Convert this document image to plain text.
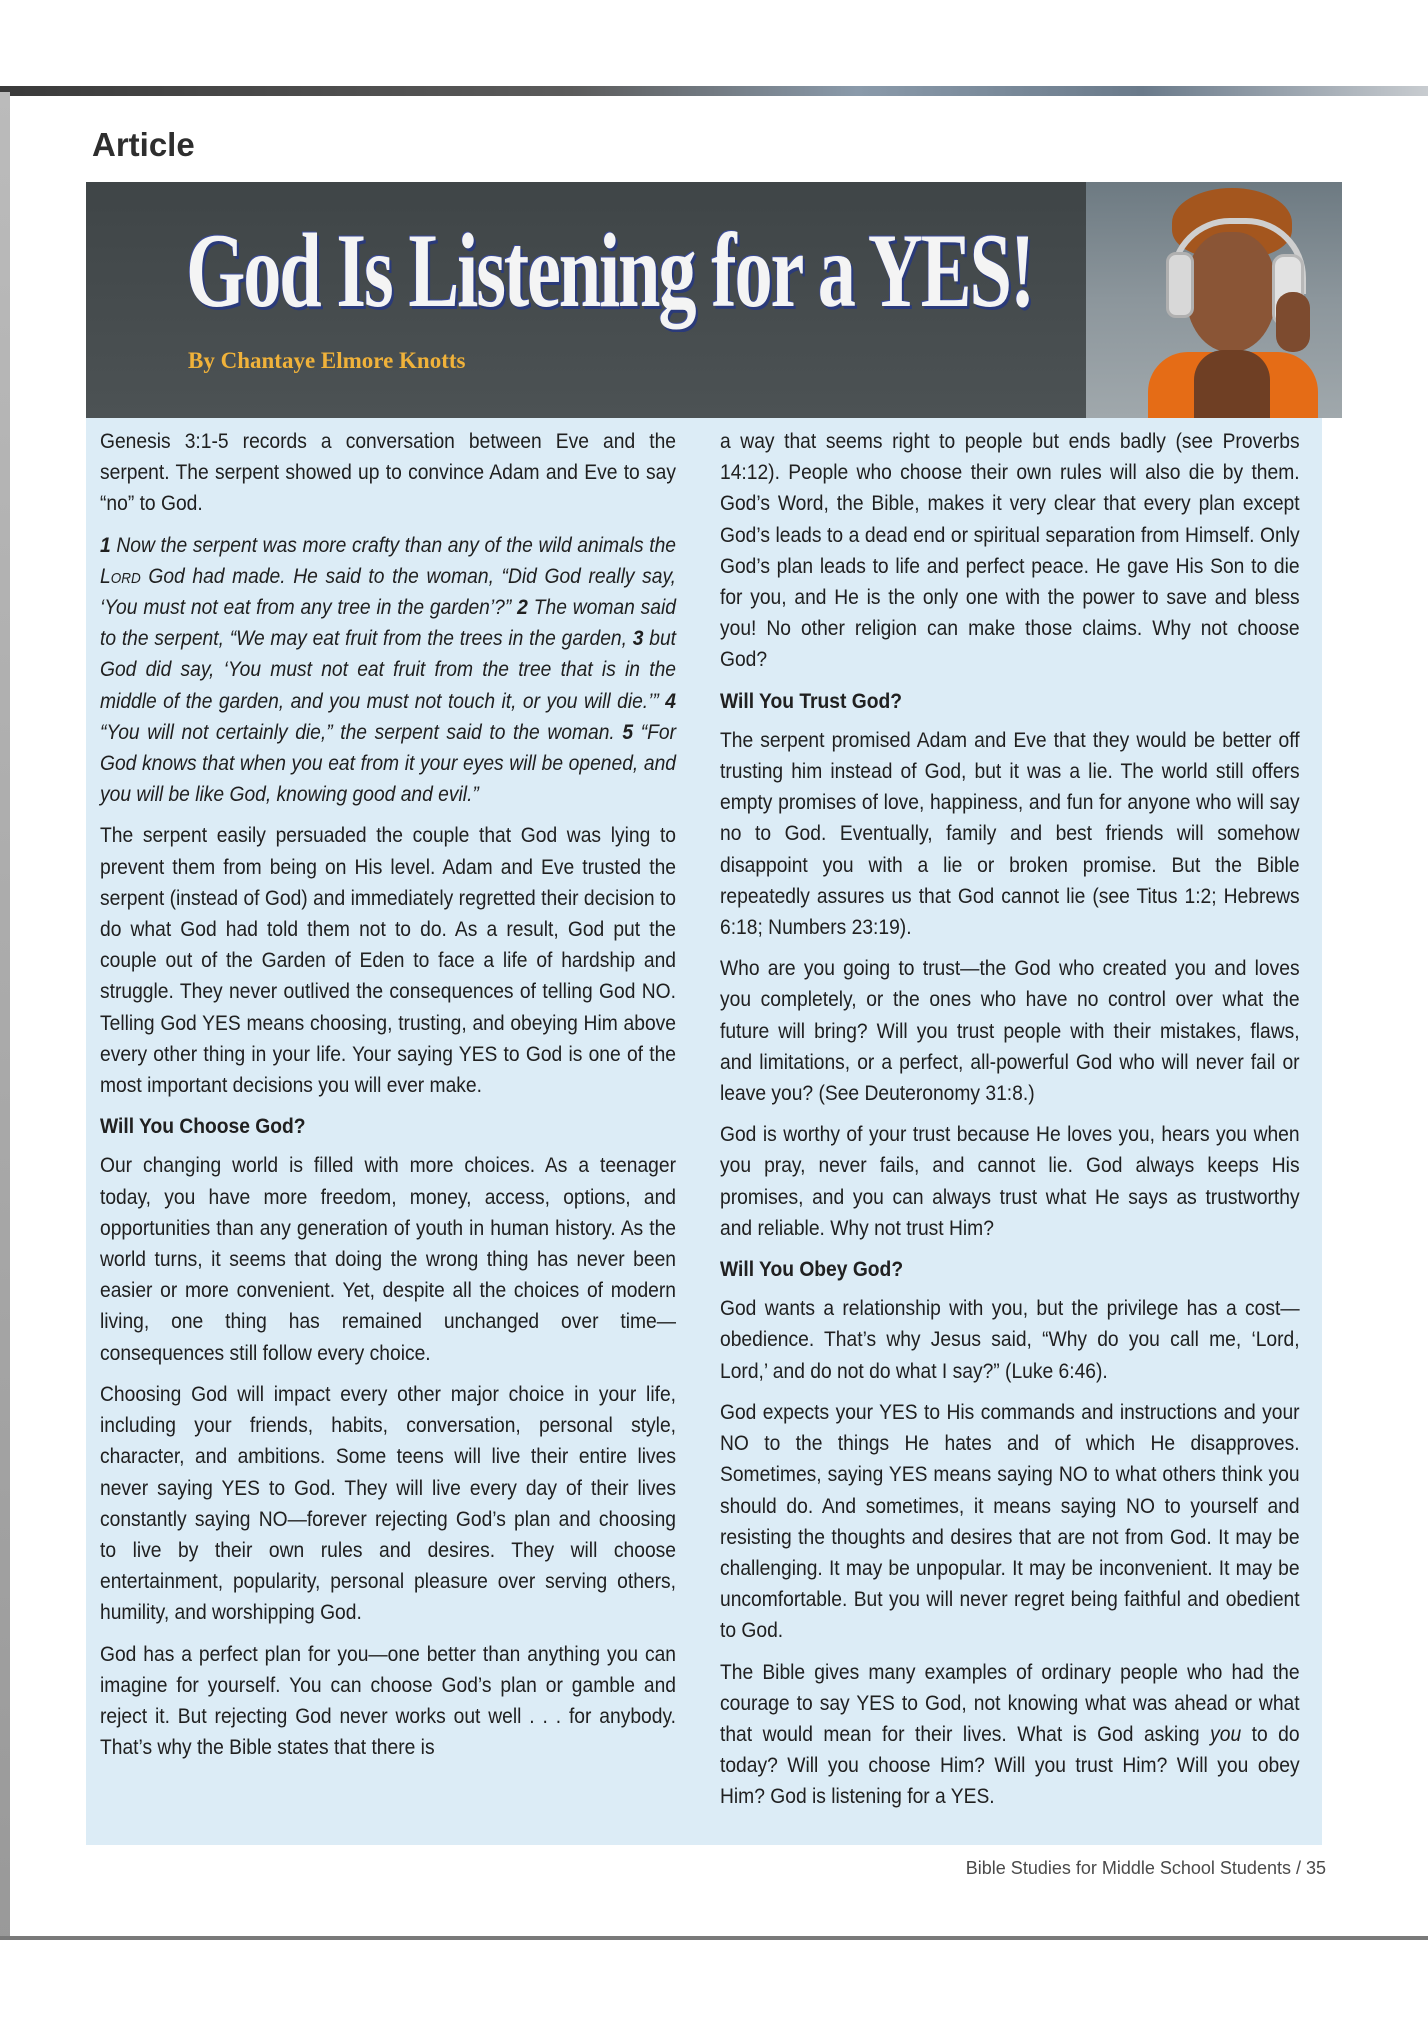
Article
God Is Listening for a YES!
By Chantaye Elmore Knotts

Genesis 3:1-5 records a conversation between Eve and the serpent. The serpent showed up to convince Adam and Eve to say “no” to God.

1 Now the serpent was more crafty than any of the wild animals the Lord God had made. He said to the woman, “Did God really say, ‘You must not eat from any tree in the garden’?” 2 The woman said to the serpent, “We may eat fruit from the trees in the garden, 3 but God did say, ‘You must not eat fruit from the tree that is in the middle of the garden, and you must not touch it, or you will die.’” 4 “You will not certainly die,” the serpent said to the woman. 5 “For God knows that when you eat from it your eyes will be opened, and you will be like God, knowing good and evil.”

The serpent easily persuaded the couple that God was lying to prevent them from being on His level. Adam and Eve trusted the serpent (instead of God) and immediately regretted their decision to do what God had told them not to do. As a result, God put the couple out of the Garden of Eden to face a life of hardship and struggle. They never outlived the consequences of telling God NO. Telling God YES means choosing, trusting, and obeying Him above every other thing in your life. Your saying YES to God is one of the most important decisions you will ever make.

Will You Choose God?

Our changing world is filled with more choices. As a teenager today, you have more freedom, money, access, options, and opportunities than any generation of youth in human history. As the world turns, it seems that doing the wrong thing has never been easier or more convenient. Yet, despite all the choices of modern living, one thing has remained unchanged over time—consequences still follow every choice.

Choosing God will impact every other major choice in your life, including your friends, habits, conversation, personal style, character, and ambitions. Some teens will live their entire lives never saying YES to God. They will live every day of their lives constantly saying NO—forever rejecting God’s plan and choosing to live by their own rules and desires. They will choose entertainment, popularity, personal pleasure over serving others, humility, and worshipping God.

God has a perfect plan for you—one better than anything you can imagine for yourself. You can choose God’s plan or gamble and reject it. But rejecting God never works out well . . . for anybody. That’s why the Bible states that there is

a way that seems right to people but ends badly (see Proverbs 14:12). People who choose their own rules will also die by them. God’s Word, the Bible, makes it very clear that every plan except God’s leads to a dead end or spiritual separation from Himself. Only God’s plan leads to life and perfect peace. He gave His Son to die for you, and He is the only one with the power to save and bless you! No other religion can make those claims. Why not choose God?

Will You Trust God?

The serpent promised Adam and Eve that they would be better off trusting him instead of God, but it was a lie. The world still offers empty promises of love, happiness, and fun for anyone who will say no to God. Eventually, family and best friends will somehow disappoint you with a lie or broken promise. But the Bible repeatedly assures us that God cannot lie (see Titus 1:2; Hebrews 6:18; Numbers 23:19).

Who are you going to trust—the God who created you and loves you completely, or the ones who have no control over what the future will bring? Will you trust people with their mistakes, flaws, and limitations, or a perfect, all-powerful God who will never fail or leave you? (See Deuteronomy 31:8.)

God is worthy of your trust because He loves you, hears you when you pray, never fails, and cannot lie. God always keeps His promises, and you can always trust what He says as trustworthy and reliable. Why not trust Him?

Will You Obey God?

God wants a relationship with you, but the privilege has a cost—obedience. That’s why Jesus said, “Why do you call me, ‘Lord, Lord,’ and do not do what I say?” (Luke 6:46).

God expects your YES to His commands and instructions and your NO to the things He hates and of which He disapproves. Sometimes, saying YES means saying NO to what others think you should do. And sometimes, it means saying NO to yourself and resisting the thoughts and desires that are not from God. It may be challenging. It may be unpopular. It may be inconvenient. It may be uncomfortable. But you will never regret being faithful and obedient to God.

The Bible gives many examples of ordinary people who had the courage to say YES to God, not knowing what was ahead or what that would mean for their lives. What is God asking you to do today? Will you choose Him? Will you trust Him? Will you obey Him? God is listening for a YES.

Bible Studies for Middle School Students / 35
